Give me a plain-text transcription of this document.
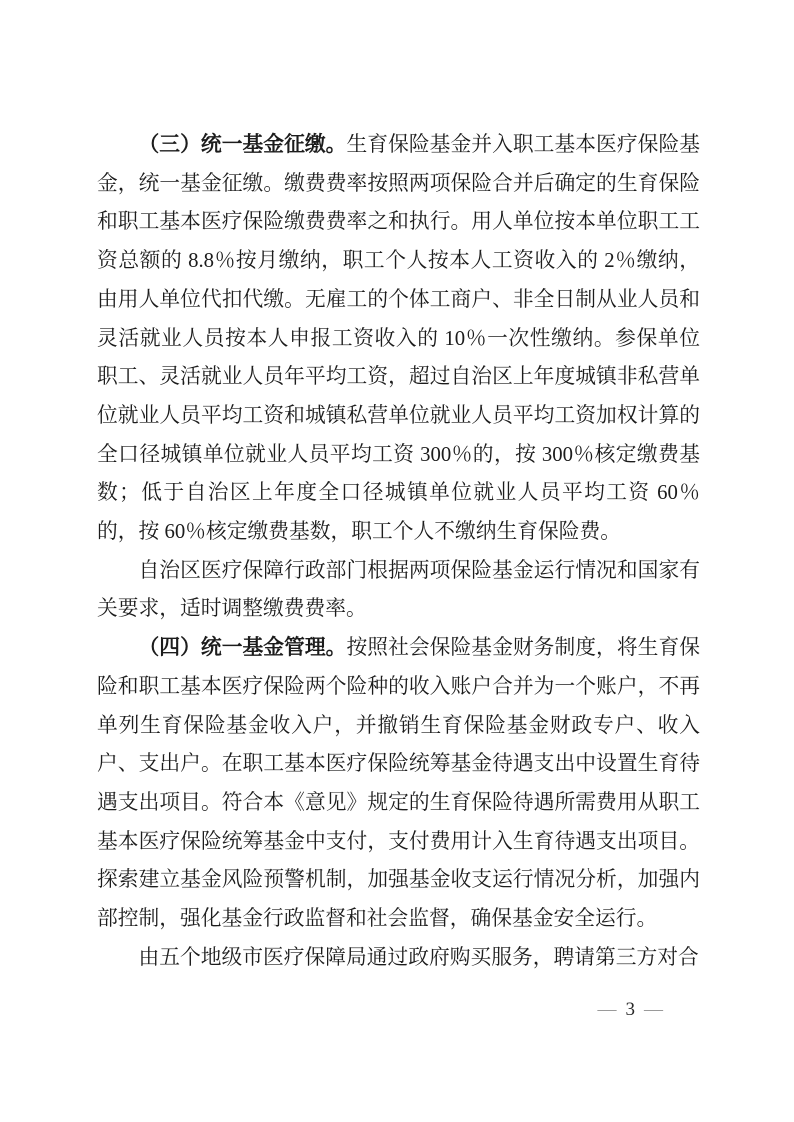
（三）统一基金征缴。生育保险基金并入职工基本医疗保险基金，统一基金征缴。缴费费率按照两项保险合并后确定的生育保险和职工基本医疗保险缴费费率之和执行。用人单位按本单位职工工资总额的 8.8％按月缴纳，职工个人按本人工资收入的 2％缴纳，由用人单位代扣代缴。无雇工的个体工商户、非全日制从业人员和灵活就业人员按本人申报工资收入的 10％一次性缴纳。参保单位职工、灵活就业人员年平均工资，超过自治区上年度城镇非私营单位就业人员平均工资和城镇私营单位就业人员平均工资加权计算的全口径城镇单位就业人员平均工资 300％的，按 300％核定缴费基数；低于自治区上年度全口径城镇单位就业人员平均工资 60％的，按 60％核定缴费基数，职工个人不缴纳生育保险费。

自治区医疗保障行政部门根据两项保险基金运行情况和国家有关要求，适时调整缴费费率。

（四）统一基金管理。按照社会保险基金财务制度，将生育保险和职工基本医疗保险两个险种的收入账户合并为一个账户，不再单列生育保险基金收入户，并撤销生育保险基金财政专户、收入户、支出户。在职工基本医疗保险统筹基金待遇支出中设置生育待遇支出项目。符合本《意见》规定的生育保险待遇所需费用从职工基本医疗保险统筹基金中支付，支付费用计入生育待遇支出项目。探索建立基金风险预警机制，加强基金收支运行情况分析，加强内部控制，强化基金行政监督和社会监督，确保基金安全运行。

由五个地级市医疗保障局通过政府购买服务，聘请第三方对合

— 3 —
